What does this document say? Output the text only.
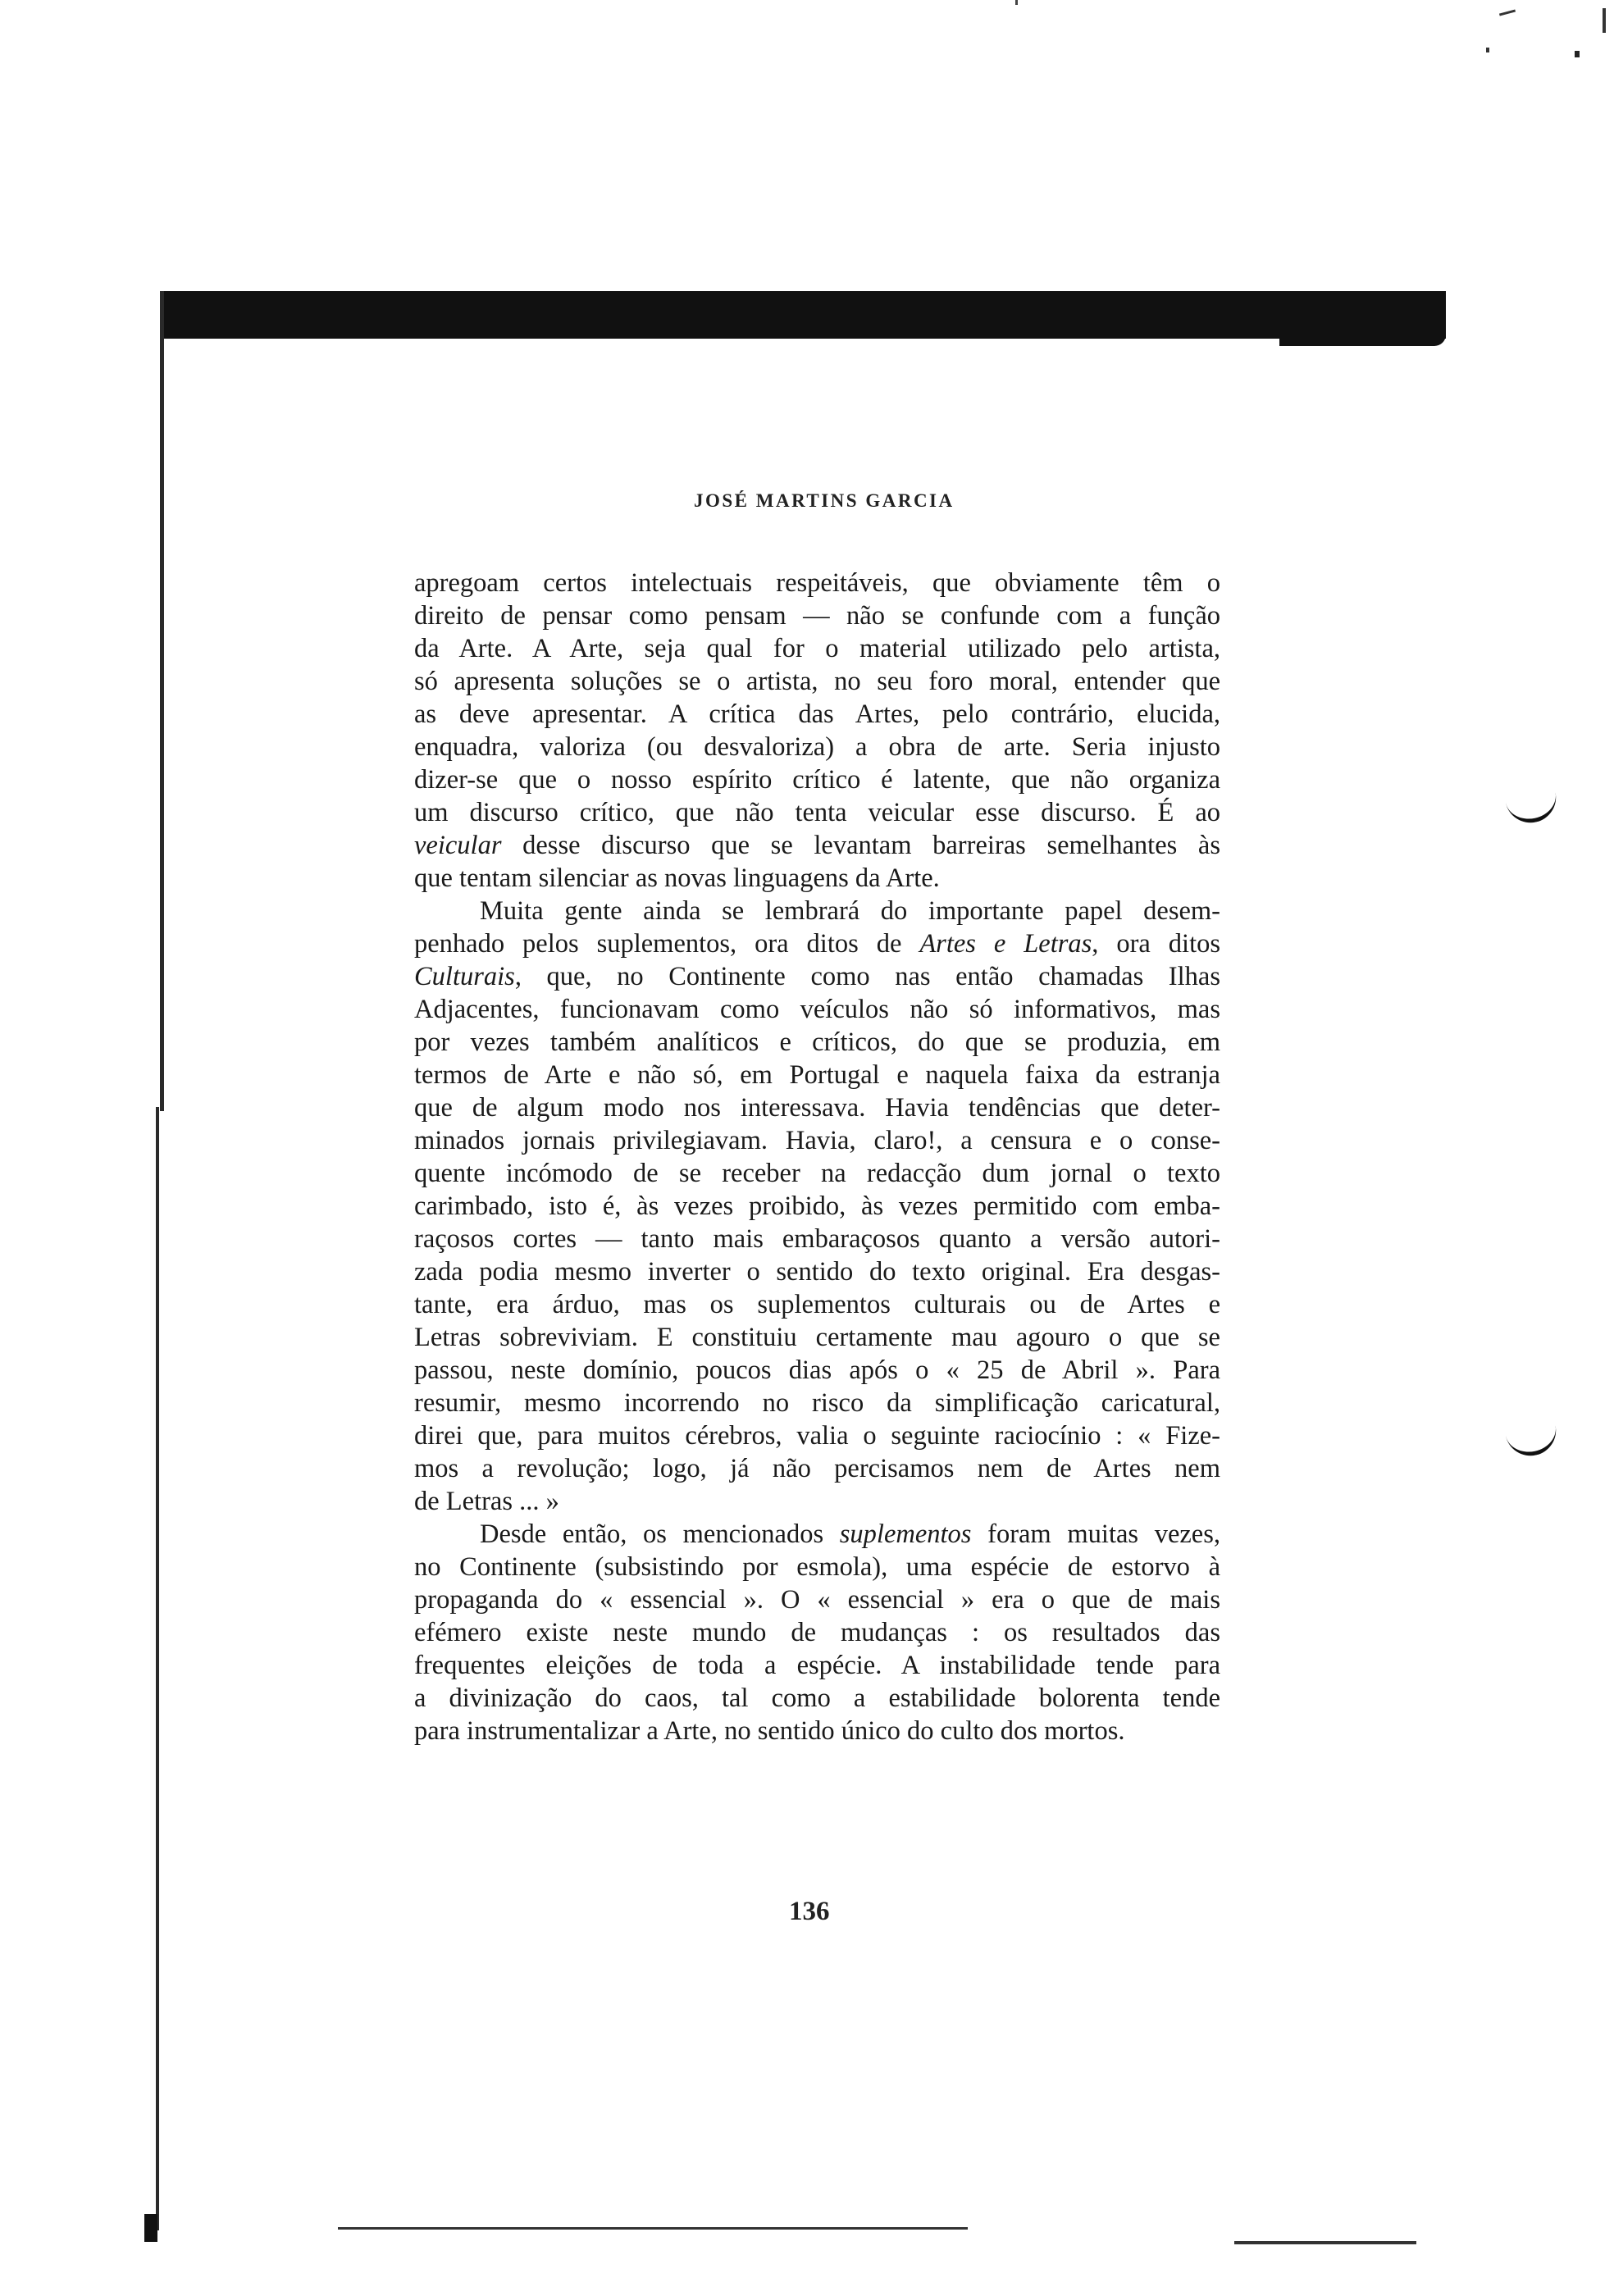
JOSÉ MARTINS GARCIA
apregoam certos intelectuais respeitáveis, que obviamente têm o
direito de pensar como pensam — não se confunde com a função
da Arte. A Arte, seja qual for o material utilizado pelo artista,
só apresenta soluções se o artista, no seu foro moral, entender que
as deve apresentar. A crítica das Artes, pelo contrário, elucida,
enquadra, valoriza (ou desvaloriza) a obra de arte. Seria injusto
dizer-se que o nosso espírito crítico é latente, que não organiza
um discurso crítico, que não tenta veicular esse discurso. É ao
veicular desse discurso que se levantam barreiras semelhantes às
que tentam silenciar as novas linguagens da Arte.
Muita gente ainda se lembrará do importante papel desem-
penhado pelos suplementos, ora ditos de Artes e Letras, ora ditos
Culturais, que, no Continente como nas então chamadas Ilhas
Adjacentes, funcionavam como veículos não só informativos, mas
por vezes também analíticos e críticos, do que se produzia, em
termos de Arte e não só, em Portugal e naquela faixa da estranja
que de algum modo nos interessava. Havia tendências que deter-
minados jornais privilegiavam. Havia, claro!, a censura e o conse-
quente incómodo de se receber na redacção dum jornal o texto
carimbado, isto é, às vezes proibido, às vezes permitido com emba-
raçosos cortes — tanto mais embaraçosos quanto a versão autori-
zada podia mesmo inverter o sentido do texto original. Era desgas-
tante, era árduo, mas os suplementos culturais ou de Artes e
Letras sobreviviam. E constituiu certamente mau agouro o que se
passou, neste domínio, poucos dias após o « 25 de Abril ». Para
resumir, mesmo incorrendo no risco da simplificação caricatural,
direi que, para muitos cérebros, valia o seguinte raciocínio : « Fize-
mos a revolução; logo, já não percisamos nem de Artes nem
de Letras ... »
Desde então, os mencionados suplementos foram muitas vezes,
no Continente (subsistindo por esmola), uma espécie de estorvo à
propaganda do « essencial ». O « essencial » era o que de mais
efémero existe neste mundo de mudanças : os resultados das
frequentes eleições de toda a espécie. A instabilidade tende para
a divinização do caos, tal como a estabilidade bolorenta tende
para instrumentalizar a Arte, no sentido único do culto dos mortos.
136
